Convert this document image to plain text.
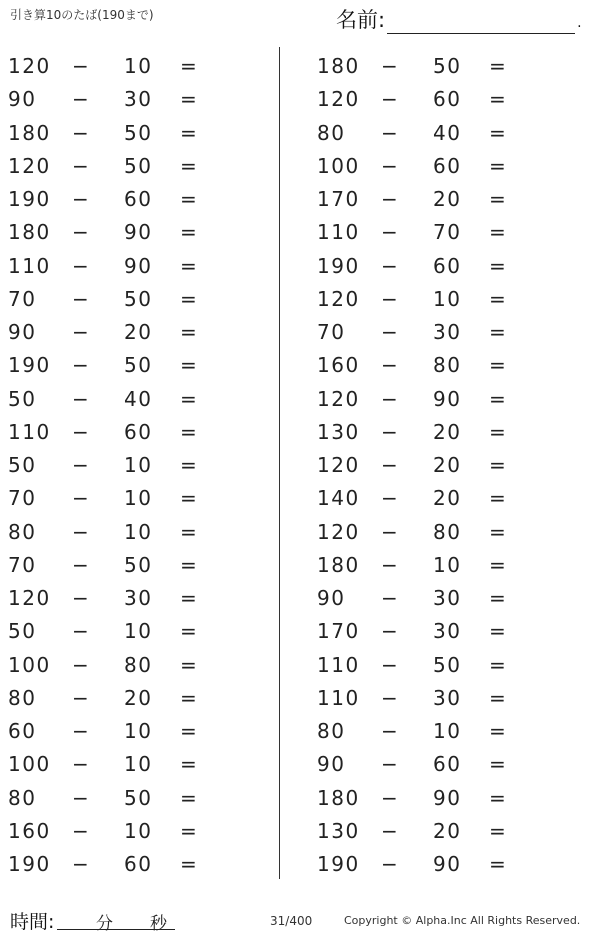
引き算10のたば(190まで)	名前:	.
120 − 10 =
90 − 30 =
180 − 50 =
120 − 50 =
190 − 60 =
180 − 90 =
110 − 90 =
70 − 50 =
90 − 20 =
190 − 50 =
50 − 40 =
110 − 60 =
50 − 10 =
70 − 10 =
80 − 10 =
70 − 50 =
120 − 30 =
50 − 10 =
100 − 80 =
80 − 20 =
60 − 10 =
100 − 10 =
80 − 50 =
160 − 10 =
190 − 60 =
180 − 50 =
120 − 60 =
80 − 40 =
100 − 60 =
170 − 20 =
110 − 70 =
190 − 60 =
120 − 10 =
70 − 30 =
160 − 80 =
120 − 90 =
130 − 20 =
120 − 20 =
140 − 20 =
120 − 80 =
180 − 10 =
90 − 30 =
170 − 30 =
110 − 50 =
110 − 30 =
80 − 10 =
90 − 60 =
180 − 90 =
130 − 20 =
190 − 90 =
時間: 分 秒	31/400	Copyright © Alpha.Inc All Rights Reserved.
